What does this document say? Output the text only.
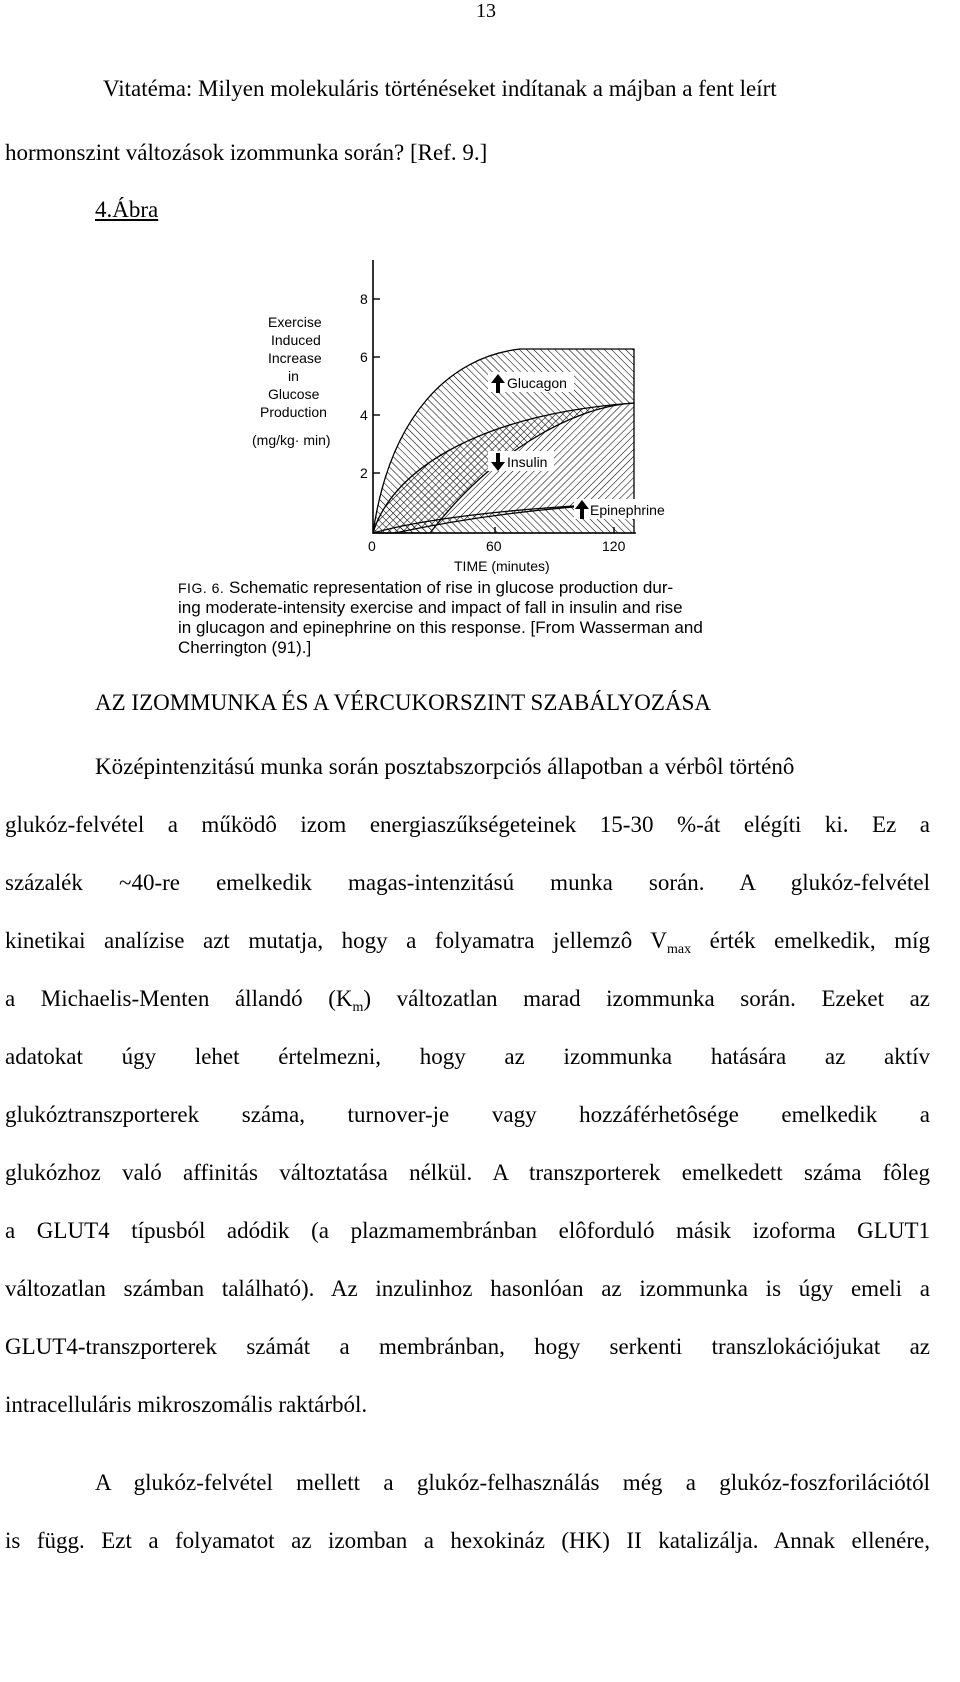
13
Vitatéma: Milyen molekuláris történéseket indítanak a májban a fent leírt
hormonszint változások izommunka során? [Ref. 9.]
4.Ábra
Exercise
Induced
Increase
in
Glucose
Production
(mg/kg· min)
8
6
4
2
0	60	120
TIME (minutes)
Glucagon
Insulin
Epinephrine
FIG. 6. Schematic representation of rise in glucose production dur-
ing moderate-intensity exercise and impact of fall in insulin and rise
in glucagon and epinephrine on this response. [From Wasserman and
Cherrington (91).]
AZ IZOMMUNKA ÉS A VÉRCUKORSZINT SZABÁLYOZÁSA
Középintenzitású munka során posztabszorpciós állapotban a vérbôl történô
glukóz-felvétel a működô izom energiaszűkségeteinek 15-30 %-át elégíti ki. Ez a
százalék ~40-re emelkedik magas-intenzitású munka során. A glukóz-felvétel
kinetikai analízise azt mutatja, hogy a folyamatra jellemzô $V_{max}$ érték emelkedik, míg
a Michaelis-Menten állandó $(K_m)$ változatlan marad izommunka során. Ezeket az
adatokat úgy lehet értelmezni, hogy az izommunka hatására az aktív
glukóztranszporterek száma, turnover-je vagy hozzáférhetôsége emelkedik a
glukózhoz való affinitás változtatása nélkül. A transzporterek emelkedett száma fôleg
a GLUT4 típusból adódik (a plazmamembránban elôforduló másik izoforma GLUT1
változatlan számban található). Az inzulinhoz hasonlóan az izommunka is úgy emeli a
GLUT4-transzporterek számát a membránban, hogy serkenti transzlokációjukat az
intracelluláris mikroszomális raktárból.
A glukóz-felvétel mellett a glukóz-felhasználás még a glukóz-foszforilációtól
is függ. Ezt a folyamatot az izomban a hexokináz (HK) II katalizálja. Annak ellenére,
